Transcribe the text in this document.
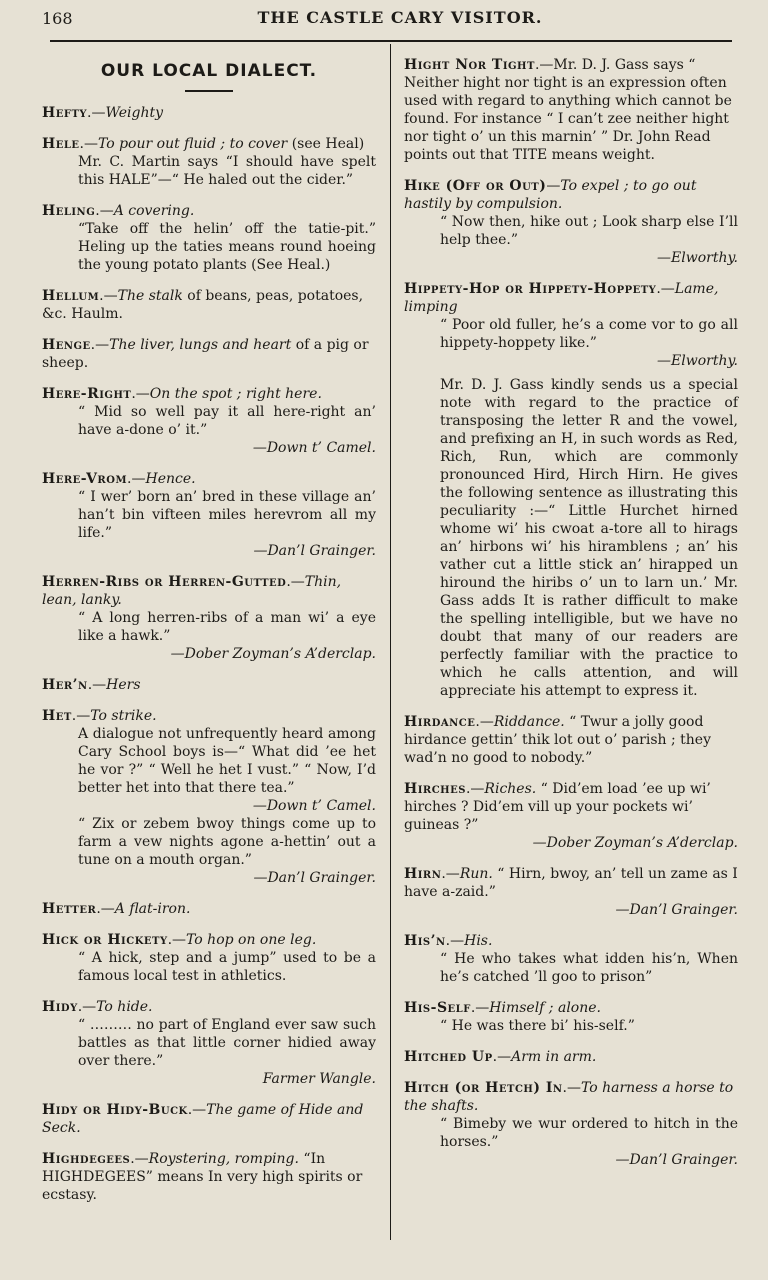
168	THE CASTLE CARY VISITOR.
OUR LOCAL DIALECT.
Hefty.—Weighty
Hele.—To pour out fluid ; to cover (see Heal)
Mr. C. Martin says “I should have spelt this HALE”—“ He haled out the cider.”
Heling.—A covering.
“Take off the helin’ off the tatie-pit.” Heling up the taties means round hoeing the young potato plants (See Heal.)
Hellum.—The stalk of beans, peas, potatoes, &c. Haulm.
Henge.—The liver, lungs and heart of a pig or sheep.
Here-Right.—On the spot ; right here.
“ Mid so well pay it all here-right an’ have a-done o’ it.”
—Down t’ Camel.
Here-Vrom.—Hence.
“ I wer’ born an’ bred in these village an’ han’t bin vifteen miles herevrom all my life.”
—Dan’l Grainger.
Herren-Ribs or Herren-Gutted.—Thin, lean, lanky.
“ A long herren-ribs of a man wi’ a eye like a hawk.”
—Dober Zoyman’s A’derclap.
Her’n.—Hers
Het.—To strike.
A dialogue not unfrequently heard among Cary School boys is—“ What did ’ee het he vor ?” “ Well he het I vust.” “ Now, I’d better het into that there tea.”
—Down t’ Camel.
“ Zix or zebem bwoy things come up to farm a vew nights agone a-hettin’ out a tune on a mouth organ.”
—Dan’l Grainger.
Hetter.—A flat-iron.
Hick or Hickety.—To hop on one leg.
“ A hick, step and a jump” used to be a famous local test in athletics.
Hidy.—To hide.
“ ……… no part of England ever saw such battles as that little corner hidied away over there.”
Farmer Wangle.
Hidy or Hidy-Buck.—The game of Hide and Seck.
Highdegees.—Roystering, romping. “In HIGHDEGEES” means In very high spirits or ecstasy.
Hight Nor Tight.—Mr. D. J. Gass says “ Neither hight nor tight is an expression often used with regard to anything which cannot be found. For instance “ I can’t zee neither hight nor tight o’ un this marnin’ ” Dr. John Read points out that TITE means weight.
Hike (Off or Out)—To expel ; to go out hastily by compulsion.
“ Now then, hike out ; Look sharp else I’ll help thee.”
—Elworthy.
Hippety-Hop or Hippety-Hoppety.—Lame, limping
“ Poor old fuller, he’s a come vor to go all hippety-hoppety like.”
—Elworthy.
Mr. D. J. Gass kindly sends us a special note with regard to the practice of transposing the letter R and the vowel, and prefixing an H, in such words as Red, Rich, Run, which are commonly pronounced Hird, Hirch Hirn. He gives the following sentence as illustrating this peculiarity :—“ Little Hurchet hirned whome wi’ his cwoat a-tore all to hirags an’ hirbons wi’ his hiramblens ; an’ his vather cut a little stick an’ hirapped un hiround the hiribs o’ un to larn un.’ Mr. Gass adds It is rather difficult to make the spelling intelligible, but we have no doubt that many of our readers are perfectly familiar with the practice to which he calls attention, and will appreciate his attempt to express it.
Hirdance.—Riddance. “ Twur a jolly good hirdance gettin’ thik lot out o’ parish ; they wad’n no good to nobody.”
Hirches.—Riches. “ Did’em load ’ee up wi’ hirches ? Did’em vill up your pockets wi’ guineas ?”
—Dober Zoyman’s A’derclap.
Hirn.—Run. “ Hirn, bwoy, an’ tell un zame as I have a-zaid.”
—Dan’l Grainger.
His’n.—His.
“ He who takes what idden his’n, When he’s catched ’ll goo to prison”
His-Self.—Himself ; alone.
“ He was there bi’ his-self.”
Hitched Up.—Arm in arm.
Hitch (or Hetch) In.—To harness a horse to the shafts.
“ Bimeby we wur ordered to hitch in the horses.”
—Dan’l Grainger.
